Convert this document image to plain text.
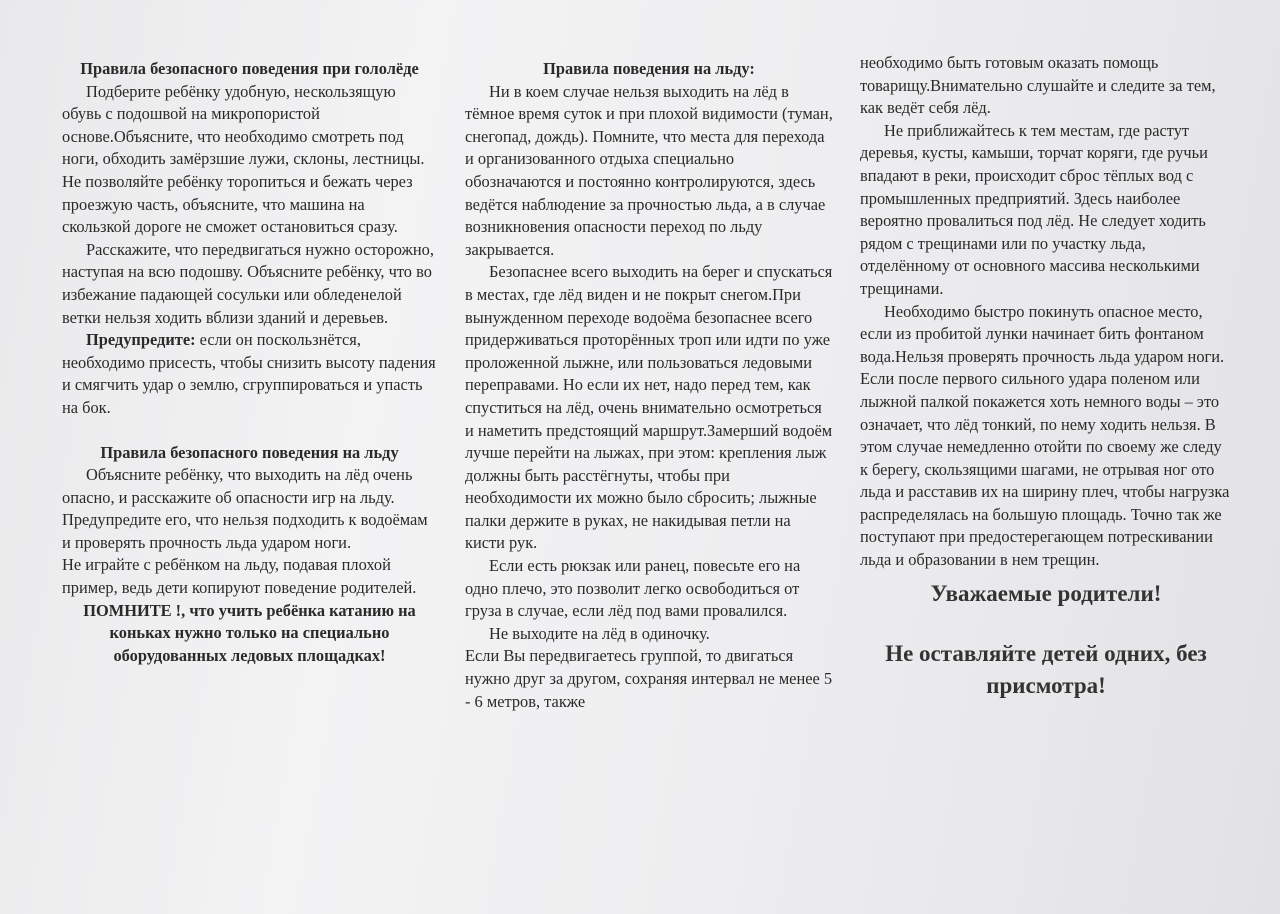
Правила безопасного поведения при гололёде

Подберите ребёнку удобную, нескользящую обувь с подошвой на микропористой основе.Объясните, что необходимо смотреть под ноги, обходить замёрзшие лужи, склоны, лестницы.

Не позволяйте ребёнку торопиться и бежать через проезжую часть, объясните, что машина на скользкой дороге не сможет остановиться сразу.

Расскажите, что передвигаться нужно осторожно, наступая на всю подошву. Объясните ребёнку, что во избежание падающей сосульки или обледенелой ветки нельзя ходить вблизи зданий и деревьев.

Предупредите: если он поскользнётся, необходимо присесть, чтобы снизить высоту падения и смягчить удар о землю, сгруппироваться и упасть на бок.

Правила безопасного поведения на льду

Объясните ребёнку, что выходить на лёд очень опасно, и расскажите об опасности игр на льду.

Предупредите его, что нельзя подходить к водоёмам и проверять прочность льда ударом ноги.

Не играйте с ребёнком на льду, подавая плохой пример, ведь дети копируют поведение родителей.

ПОМНИТЕ !, что учить ребёнка катанию на коньках нужно только на специально оборудованных ледовых площадках!

Правила поведения на льду:

Ни в коем случае нельзя выходить на лёд в тёмное время суток и при плохой видимости (туман, снегопад, дождь). Помните, что места для перехода и организованного отдыха специально обозначаются и постоянно контролируются, здесь ведётся наблюдение за прочностью льда, а в случае возникновения опасности переход по льду закрывается.

Безопаснее всего выходить на берег и спускаться в местах, где лёд виден и не покрыт снегом.При вынужденном переходе водоёма безопаснее всего придерживаться проторённых троп или идти по уже проложенной лыжне, или пользоваться ледовыми переправами. Но если их нет, надо перед тем, как спуститься на лёд, очень внимательно осмотреться и наметить предстоящий маршрут.Замерший водоём лучше перейти на лыжах, при этом: крепления лыж должны быть расстёгнуты, чтобы при необходимости их можно было сбросить; лыжные палки держите в руках, не накидывая петли на кисти рук.

Если есть рюкзак или ранец, повесьте его на одно плечо, это позволит легко освободиться от груза в случае, если лёд под вами провалился.

Не выходите на лёд в одиночку.

Если Вы передвигаетесь группой, то двигаться нужно друг за другом, сохраняя интервал не менее 5 - 6 метров, также

необходимо быть готовым оказать помощь товарищу.Внимательно слушайте и следите за тем, как ведёт себя лёд.

Не приближайтесь к тем местам, где растут деревья, кусты, камыши, торчат коряги, где ручьи впадают в реки, происходит сброс тёплых вод с промышленных предприятий. Здесь наиболее вероятно провалиться под лёд. Не следует ходить рядом с трещинами или по участку льда, отделённому от основного массива несколькими трещинами.

Необходимо быстро покинуть опасное место, если из пробитой лунки начинает бить фонтаном вода.Нельзя проверять прочность льда ударом ноги. Если после первого сильного удара поленом или лыжной палкой покажется хоть немного воды – это означает, что лёд тонкий, по нему ходить нельзя. В этом случае немедленно отойти по своему же следу к берегу, скользящими шагами, не отрывая ног ото льда и расставив их на ширину плеч, чтобы нагрузка распределялась на большую площадь. Точно так же поступают при предостерегающем потрескивании льда и образовании в нем трещин.

Уважаемые родители!

Не оставляйте детей одних, без присмотра!
